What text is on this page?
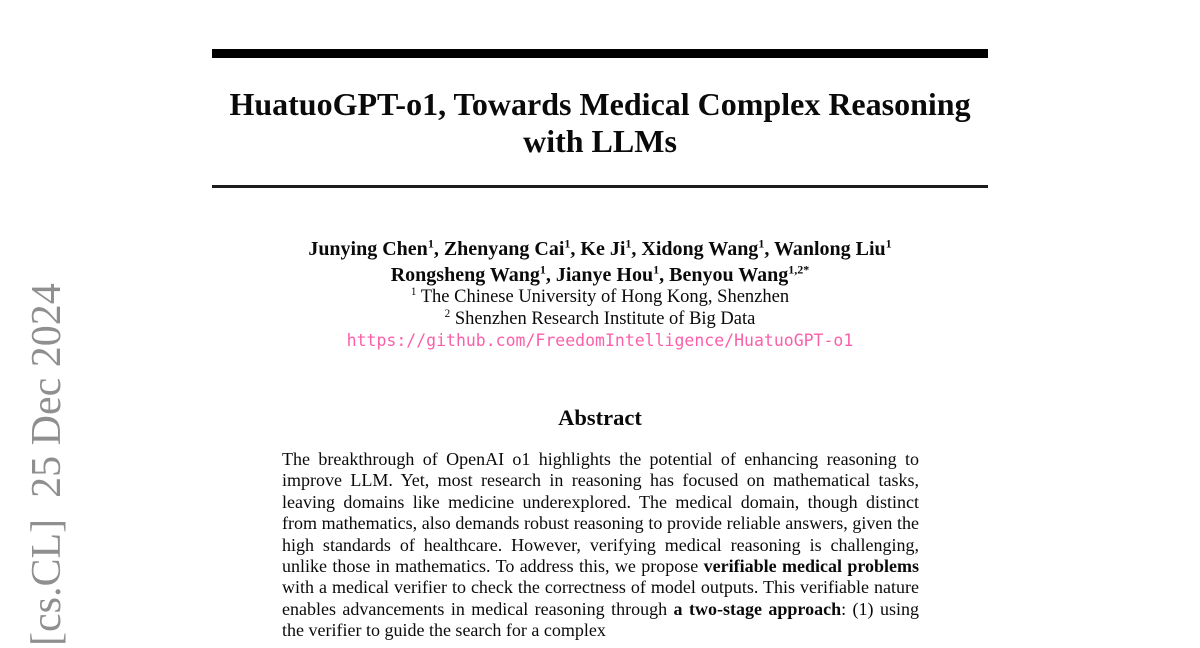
[cs.CL]  25 Dec 2024
HuatuoGPT-o1, Towards Medical Complex Reasoning
with LLMs
Junying Chen$^1$, Zhenyang Cai$^1$, Ke Ji$^1$, Xidong Wang$^1$, Wanlong Liu$^1$
Rongsheng Wang$^1$, Jianye Hou$^1$, Benyou Wang$^{1,2*}$
$^1$ The Chinese University of Hong Kong, Shenzhen
$^2$ Shenzhen Research Institute of Big Data
https://github.com/FreedomIntelligence/HuatuoGPT-o1
Abstract

The breakthrough of OpenAI o1 highlights the potential of enhancing reasoning to improve LLM. Yet, most research in reasoning has focused on mathematical tasks, leaving domains like medicine underexplored. The medical domain, though distinct from mathematics, also demands robust reasoning to provide reliable answers, given the high standards of healthcare. However, verifying medical reasoning is challenging, unlike those in mathematics. To address this, we propose verifiable medical problems with a medical verifier to check the correctness of model outputs. This verifiable nature enables advancements in medical reasoning through a two-stage approach: (1) using the verifier to guide the search for a complex
